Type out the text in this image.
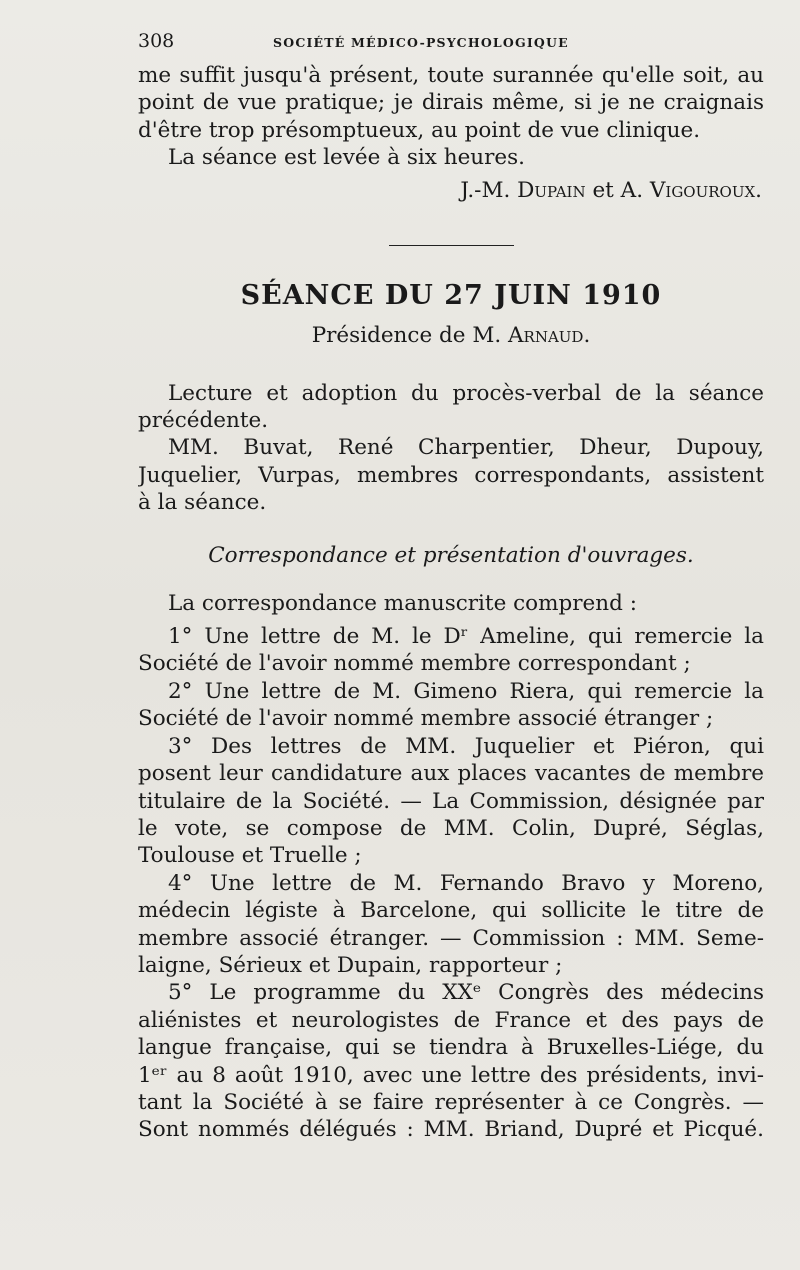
308	SOCIÉTÉ MÉDICO-PSYCHOLOGIQUE

me suffit jusqu'à présent, toute surannée qu'elle soit, au
point de vue pratique; je dirais même, si je ne craignais
d'être trop présomptueux, au point de vue clinique.

La séance est levée à six heures.

J.-M. Dupain et A. Vigouroux.

SÉANCE DU 27 JUIN 1910

Présidence de M. Arnaud.

Lecture et adoption du procès-verbal de la séance
précédente.

MM. Buvat, René Charpentier, Dheur, Dupouy,
Juquelier, Vurpas, membres correspondants, assistent
à la séance.

Correspondance et présentation d'ouvrages.

La correspondance manuscrite comprend :

1° Une lettre de M. le Dʳ Ameline, qui remercie la
Société de l'avoir nommé membre correspondant ;

2° Une lettre de M. Gimeno Riera, qui remercie la
Société de l'avoir nommé membre associé étranger ;

3° Des lettres de MM. Juquelier et Piéron, qui
posent leur candidature aux places vacantes de membre
titulaire de la Société. — La Commission, désignée par
le vote, se compose de MM. Colin, Dupré, Séglas,
Toulouse et Truelle ;

4° Une lettre de M. Fernando Bravo y Moreno,
médecin légiste à Barcelone, qui sollicite le titre de
membre associé étranger. — Commission : MM. Seme-
laigne, Sérieux et Dupain, rapporteur ;

5° Le programme du XXᵉ Congrès des médecins
aliénistes et neurologistes de France et des pays de
langue française, qui se tiendra à Bruxelles-Liége, du
1ᵉʳ au 8 août 1910, avec une lettre des présidents, invi-
tant la Société à se faire représenter à ce Congrès. —
Sont nommés délégués : MM. Briand, Dupré et Picqué.
